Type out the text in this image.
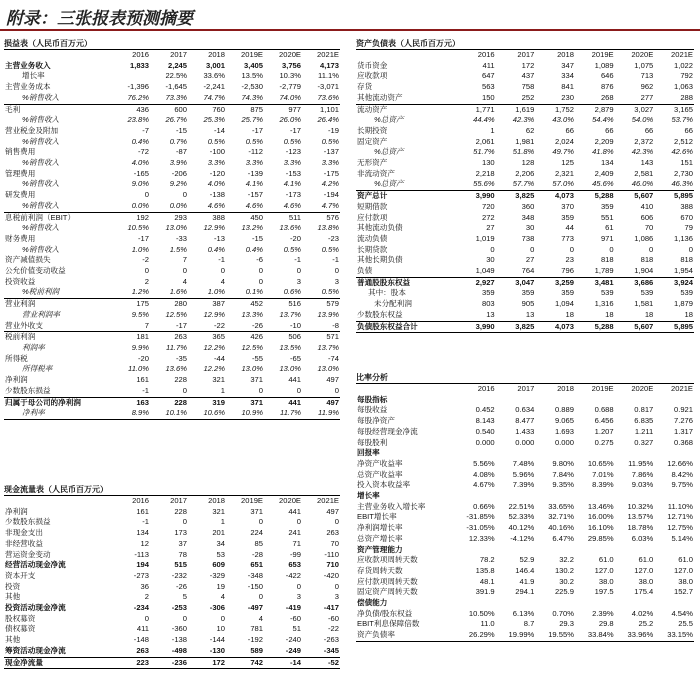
附录：三张报表预测摘要
损益表（人民币百万元）
	2016	2017	2018	2019E	2020E	2021E
主营业务收入	1,833	2,245	3,001	3,405	3,756	4,173
增长率		22.5%	33.6%	13.5%	10.3%	11.1%
主营业务成本	-1,396	-1,645	-2,241	-2,530	-2,779	-3,071
%销售收入	76.2%	73.3%	74.7%	74.3%	74.0%	73.6%
毛利	436	600	760	875	977	1,101
%销售收入	23.8%	26.7%	25.3%	25.7%	26.0%	26.4%
营业税金及附加	-7	-15	-14	-17	-17	-19
%销售收入	0.4%	0.7%	0.5%	0.5%	0.5%	0.5%
销售费用	-72	-87	-100	-112	-123	-137
%销售收入	4.0%	3.9%	3.3%	3.3%	3.3%	3.3%
管理费用	-165	-206	-120	-139	-153	-175
%销售收入	9.0%	9.2%	4.0%	4.1%	4.1%	4.2%
研发费用	0	0	-138	-157	-173	-194
%销售收入	0.0%	0.0%	4.6%	4.6%	4.6%	4.7%
息税前利润（EBIT）	192	293	388	450	511	576
%销售收入	10.5%	13.0%	12.9%	13.2%	13.6%	13.8%
财务费用	-17	-33	-13	-15	-20	-23
%销售收入	1.0%	1.5%	0.4%	0.4%	0.5%	0.5%
资产减值损失	-2	7	-1	-6	-1	-1
公允价值变动收益	0	0	0	0	0	0
投资收益	2	4	4	0	3	3
%税前利润	1.2%	1.6%	1.0%	0.1%	0.6%	0.5%
营业利润	175	280	387	452	516	579
营业利润率	9.5%	12.5%	12.9%	13.3%	13.7%	13.9%
营业外收支	7	-17	-22	-26	-10	-8
税前利润	181	263	365	426	506	571
利润率	9.9%	11.7%	12.2%	12.5%	13.5%	13.7%
所得税	-20	-35	-44	-55	-65	-74
所得税率	11.0%	13.6%	12.2%	13.0%	13.0%	13.0%
净利润	161	228	321	371	441	497
少数股东损益	-1	0	1	0	0	0
归属于母公司的净利润	163	228	319	371	441	497
净利率	8.9%	10.1%	10.6%	10.9%	11.7%	11.9%
现金流量表（人民币百万元）
	2016	2017	2018	2019E	2020E	2021E
净利润	161	228	321	371	441	497
少数股东损益	-1	0	1	0	0	0
非现金支出	134	173	201	224	241	263
非经营收益	12	37	34	85	71	70
营运资金变动	-113	78	53	-28	-99	-110
经营活动现金净流	194	515	609	651	653	710
资本开支	-273	-232	-329	-348	-422	-420
投资	36	-26	19	-150	0	0
其他	2	5	4	0	3	3
投资活动现金净流	-234	-253	-306	-497	-419	-417
股权募资	0	0	0	4	-60	-60
债权募资	411	-360	10	781	51	-22
其他	-148	-138	-144	-192	-240	-263
筹资活动现金净流	263	-498	-130	589	-249	-345
现金净流量	223	-236	172	742	-14	-52
资产负债表（人民币百万元）
	2016	2017	2018	2019E	2020E	2021E
货币资金	411	172	347	1,089	1,075	1,022
应收款项	647	437	334	646	713	792
存货	563	758	841	876	962	1,063
其他流动资产	150	252	230	268	277	288
流动资产	1,771	1,619	1,752	2,879	3,027	3,165
%总资产	44.4%	42.3%	43.0%	54.4%	54.0%	53.7%
长期投资	1	62	66	66	66	66
固定资产	2,061	1,981	2,024	2,209	2,372	2,512
%总资产	51.7%	51.8%	49.7%	41.8%	42.3%	42.6%
无形资产	130	128	125	134	143	151
非流动资产	2,218	2,206	2,321	2,409	2,581	2,730
%总资产	55.6%	57.7%	57.0%	45.6%	46.0%	46.3%
资产总计	3,990	3,825	4,073	5,288	5,607	5,895
短期借款	720	360	370	359	410	388
应付款项	272	348	359	551	606	670
其他流动负债	27	30	44	61	70	79
流动负债	1,019	738	773	971	1,086	1,136
长期贷款	0	0	0	0	0	0
其他长期负债	30	27	23	818	818	818
负债	1,049	764	796	1,789	1,904	1,954
普通股股东权益	2,927	3,047	3,259	3,481	3,686	3,924
其中：股本	359	359	359	539	539	539
未分配利润	803	905	1,094	1,316	1,581	1,879
少数股东权益	13	13	18	18	18	18
负债股东权益合计	3,990	3,825	4,073	5,288	5,607	5,895
比率分析
	2016	2017	2018	2019E	2020E	2021E
每股指标						
每股收益	0.452	0.634	0.889	0.688	0.817	0.921
每股净资产	8.143	8.477	9.065	6.456	6.835	7.276
每股经营现金净流	0.540	1.433	1.693	1.207	1.211	1.317
每股股利	0.000	0.000	0.000	0.275	0.327	0.368
回报率						
净资产收益率	5.56%	7.48%	9.80%	10.65%	11.95%	12.66%
总资产收益率	4.08%	5.96%	7.84%	7.01%	7.86%	8.42%
投入资本收益率	4.67%	7.39%	9.35%	8.39%	9.03%	9.75%
增长率						
主营业务收入增长率	0.66%	22.51%	33.65%	13.46%	10.32%	11.10%
EBIT增长率	-31.85%	52.33%	32.71%	16.00%	13.57%	12.71%
净利润增长率	-31.05%	40.12%	40.16%	16.10%	18.78%	12.75%
总资产增长率	12.33%	-4.12%	6.47%	29.85%	6.03%	5.14%
资产管理能力						
应收款项周转天数	78.2	52.9	32.2	61.0	61.0	61.0
存货周转天数	135.8	146.4	130.2	127.0	127.0	127.0
应付款项周转天数	48.1	41.9	30.2	38.0	38.0	38.0
固定资产周转天数	391.9	294.1	225.9	197.5	175.4	152.7
偿债能力						
净负债/股东权益	10.50%	6.13%	0.70%	2.39%	4.02%	4.54%
EBIT利息保障倍数	11.0	8.7	29.3	29.8	25.2	25.5
资产负债率	26.29%	19.99%	19.55%	33.84%	33.96%	33.15%
